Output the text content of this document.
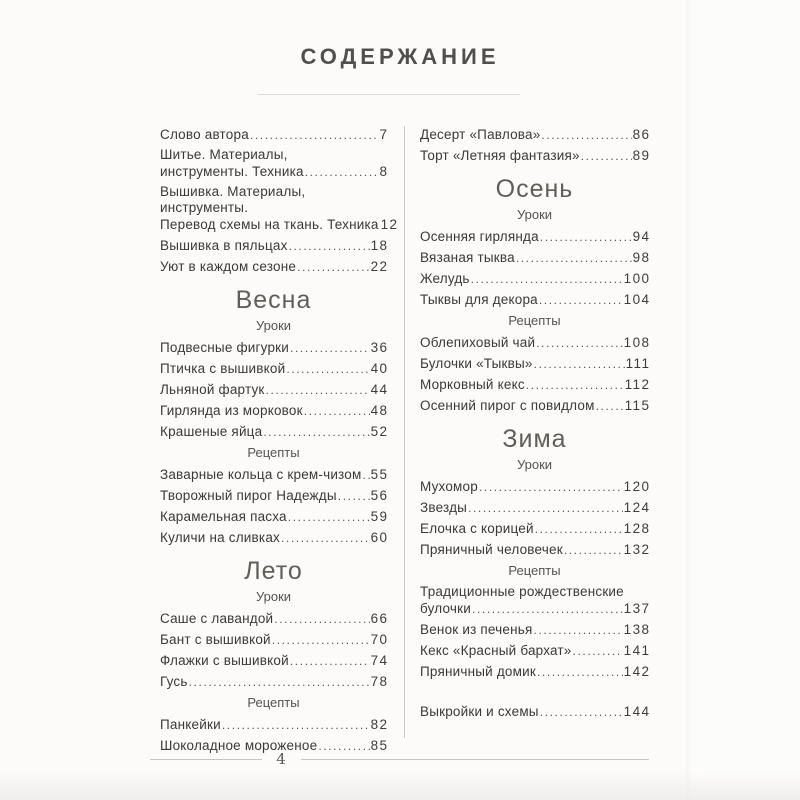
СОДЕРЖАНИЕ
Слово автора .....	7
Шитье. Материалы,
инструменты. Техника .....	8
Вышивка. Материалы, инструменты.
Перевод схемы на ткань. Техника 12
Вышивка в пяльцах .....	18
Уют в каждом сезоне .....	22
Весна
Уроки
Подвесные фигурки .....	36
Птичка с вышивкой .....	40
Льняной фартук .....	44
Гирлянда из морковок .....	48
Крашеные яйца .....	52
Рецепты
Заварные кольца с крем-чизом ..... 55
Творожный пирог Надежды .....	56
Карамельная пасха .....	59
Куличи на сливках .....	60
Лето
Уроки
Саше с лавандой .....	66
Бант с вышивкой .....	70
Флажки с вышивкой .....	74
Гусь .....	78
Рецепты
Панкейки .....	82
Шоколадное мороженое .....	85
Десерт «Павлова» .....	86
Торт «Летняя фантазия» .....	89
Осень
Уроки
Осенняя гирлянда .....	94
Вязаная тыква .....	98
Желудь .....	100
Тыквы для декора .....	104
Рецепты
Облепиховый чай .....	108
Булочки «Тыквы» .....	111
Морковный кекс .....	112
Осенний пирог с повидлом ..... 115
Зима
Уроки
Мухомор .....	120
Звезды .....	124
Елочка с корицей .....	128
Пряничный человечек .....	132
Рецепты
Традиционные рождественские
булочки .....	137
Венок из печенья .....	138
Кекс «Красный бархат» .....	141
Пряничный домик .....	142
Выкройки и схемы .....	144
4
